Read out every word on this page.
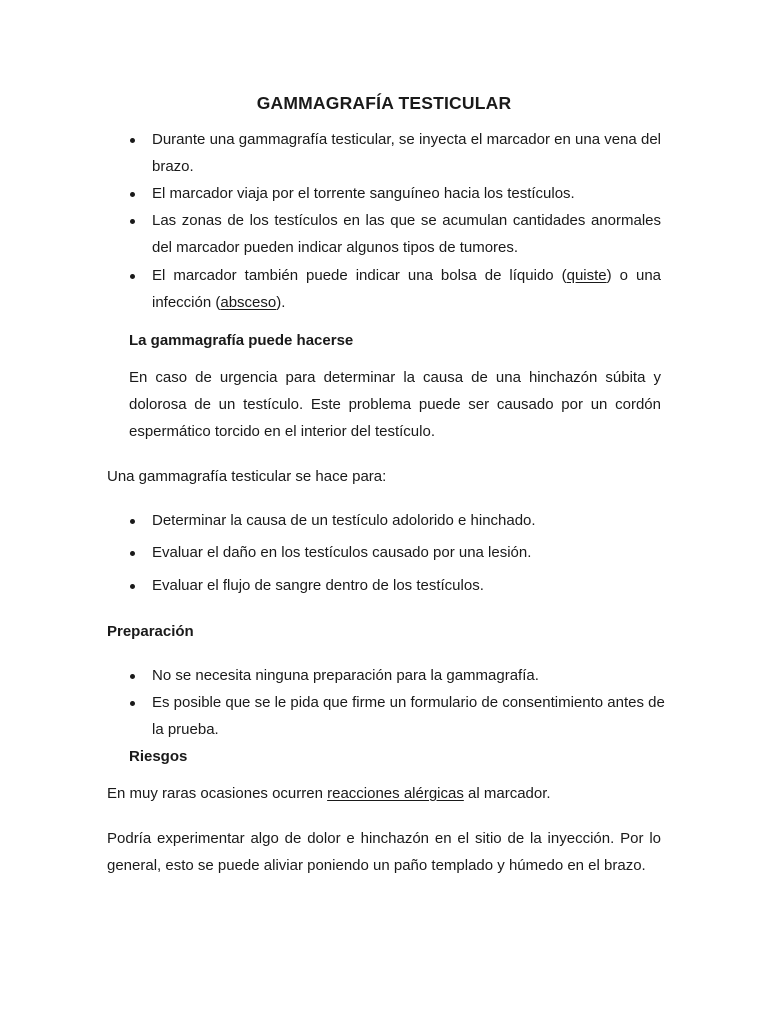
GAMMAGRAFÍA TESTICULAR
Durante una gammagrafía testicular, se inyecta el marcador en una vena del
brazo.
El marcador viaja por el torrente sanguíneo hacia los testículos.
Las zonas de los testículos en las que se acumulan cantidades anormales
del marcador pueden indicar algunos tipos de tumores.
El marcador también puede indicar una bolsa de líquido (quiste) o una
infección (absceso).
La gammagrafía puede hacerse
En caso de urgencia para determinar la causa de una hinchazón súbita y
dolorosa de un testículo. Este problema puede ser causado por un cordón
espermático torcido en el interior del testículo.
Una gammagrafía testicular se hace para:
Determinar la causa de un testículo adolorido e hinchado.
Evaluar el daño en los testículos causado por una lesión.
Evaluar el flujo de sangre dentro de los testículos.
Preparación
No se necesita ninguna preparación para la gammagrafía.
Es posible que se le pida que firme un formulario de consentimiento antes de
la prueba.
Riesgos
En muy raras ocasiones ocurren reacciones alérgicas al marcador.
Podría experimentar algo de dolor e hinchazón en el sitio de la inyección. Por lo
general, esto se puede aliviar poniendo un paño templado y húmedo en el brazo.
